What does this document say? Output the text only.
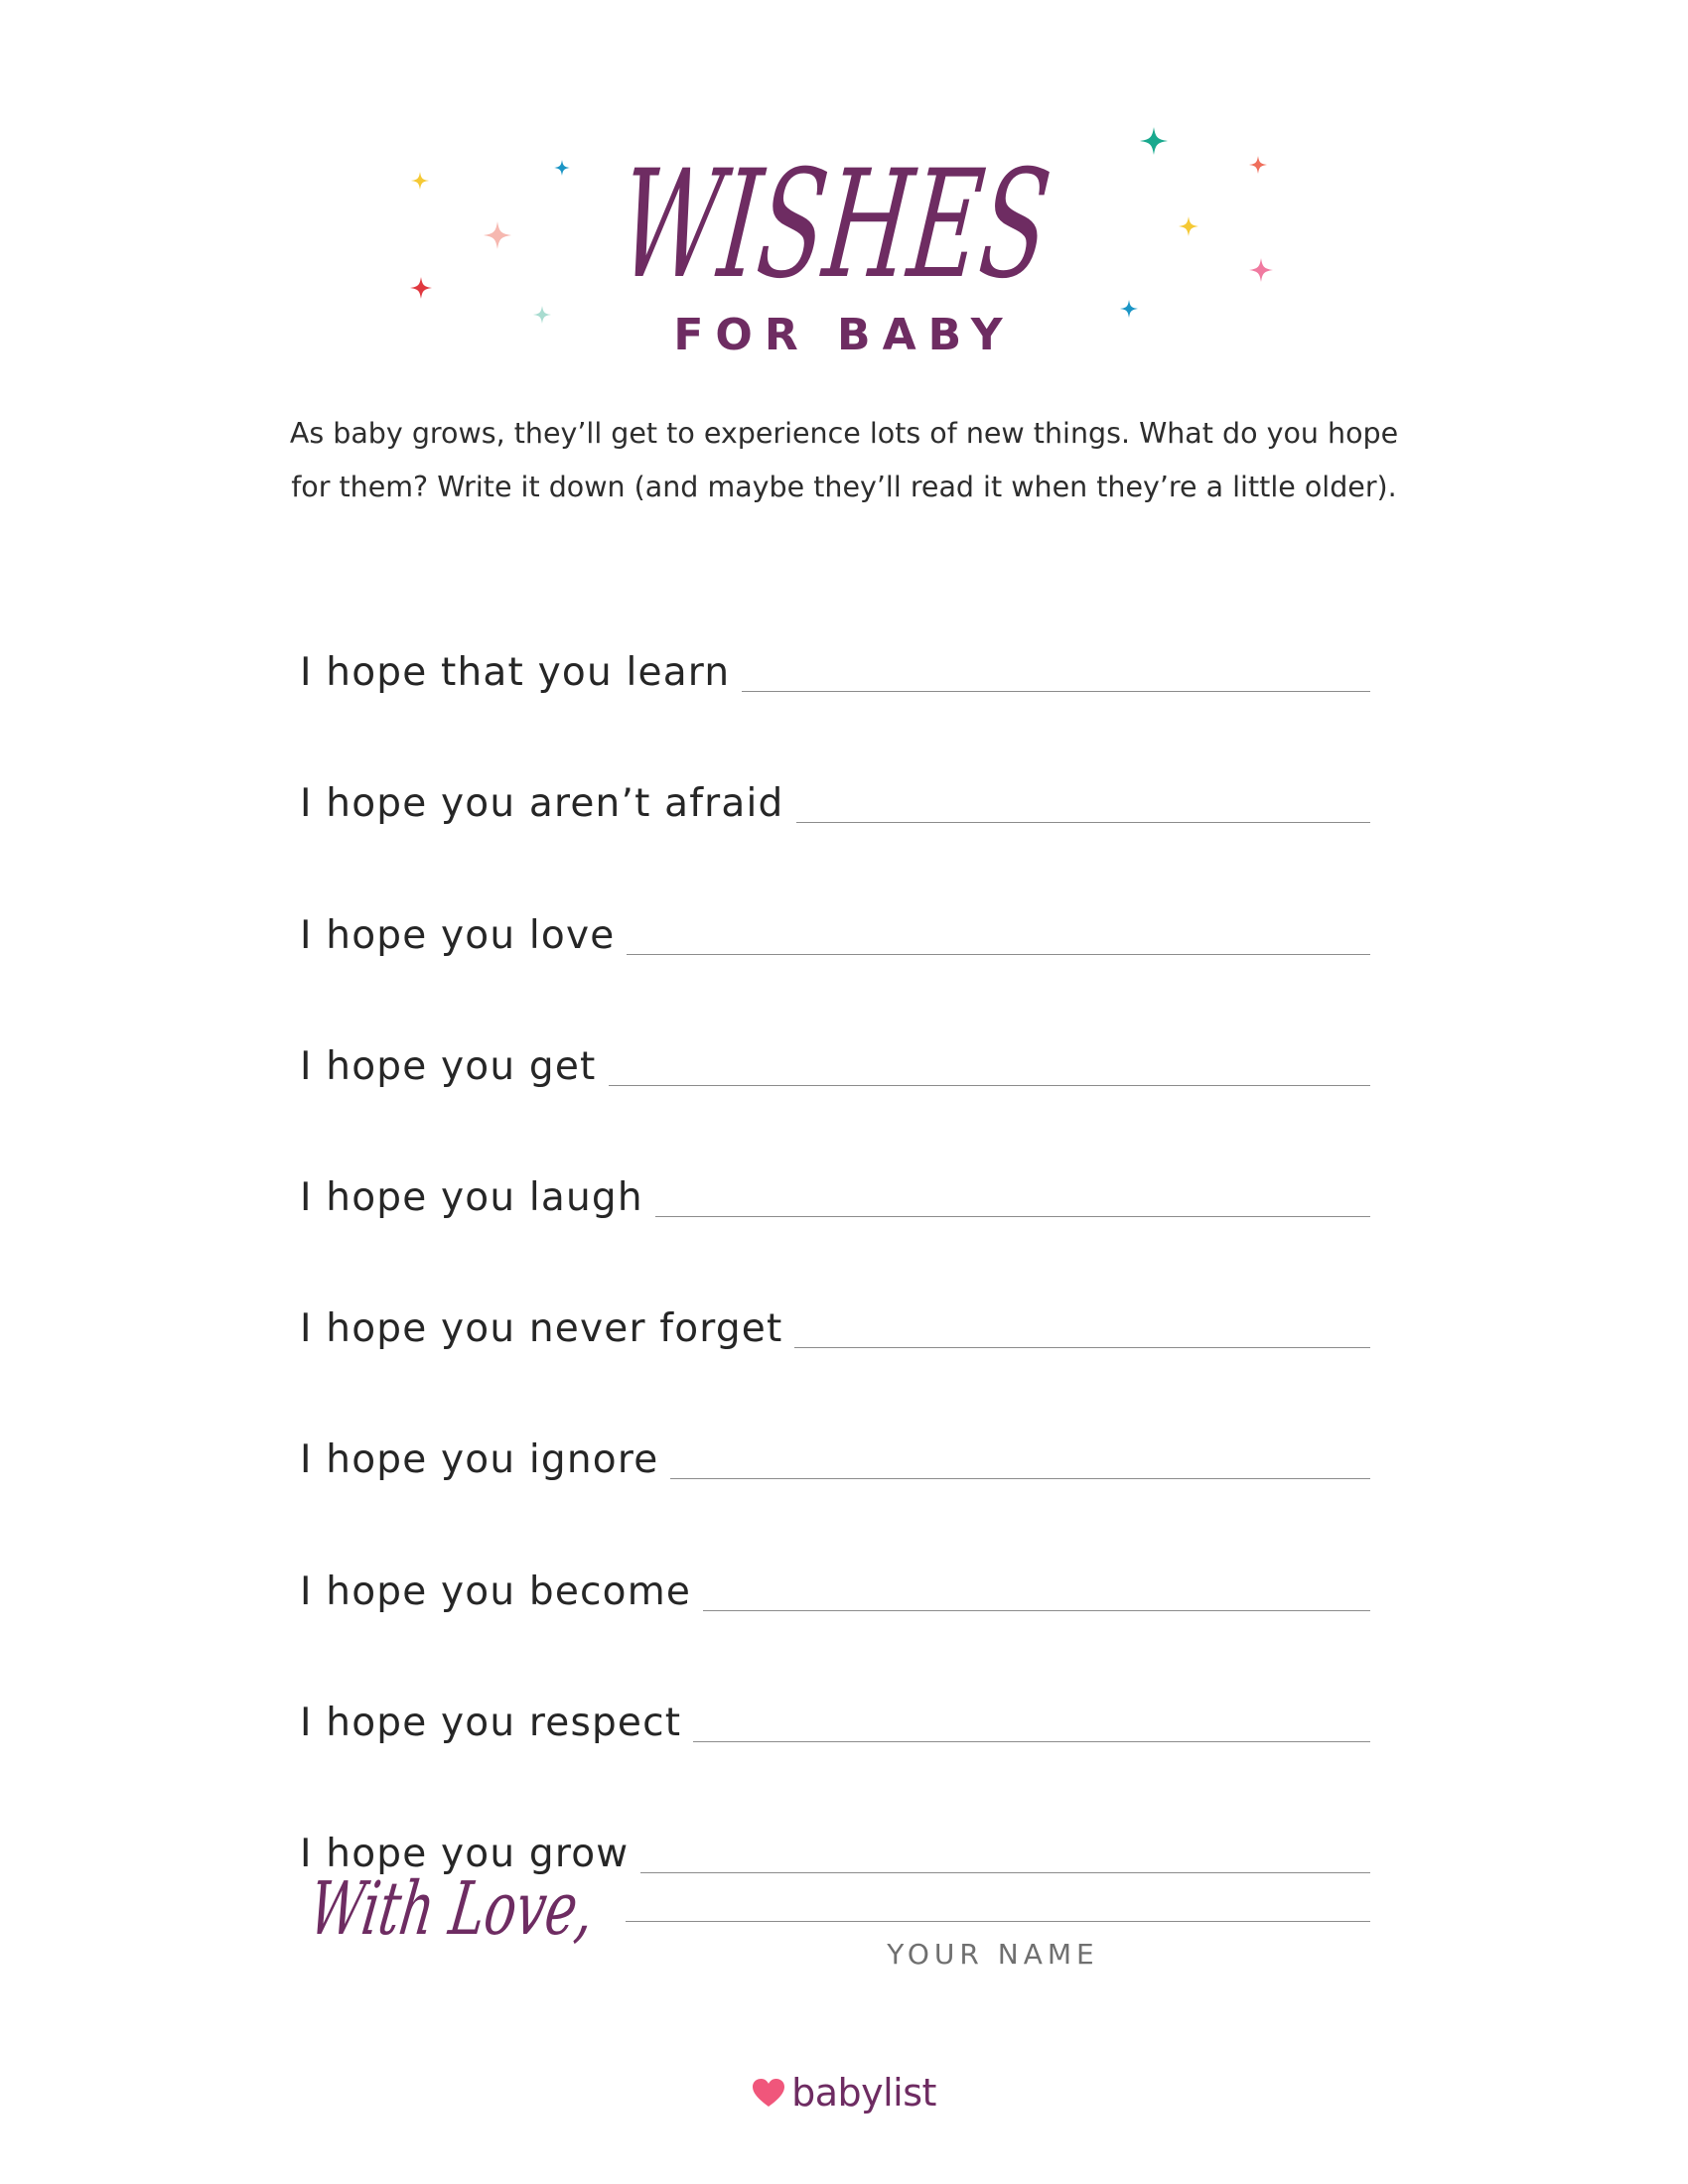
WISHES
FOR BABY

As baby grows, they’ll get to experience lots of new things. What do you hope

for them? Write it down (and maybe they’ll read it when they’re a little older).

I hope that you learn
I hope you aren’t afraid
I hope you love
I hope you get
I hope you laugh
I hope you never forget
I hope you ignore
I hope you become
I hope you respect
I hope you grow
With Love,
YOUR NAME
babylist
